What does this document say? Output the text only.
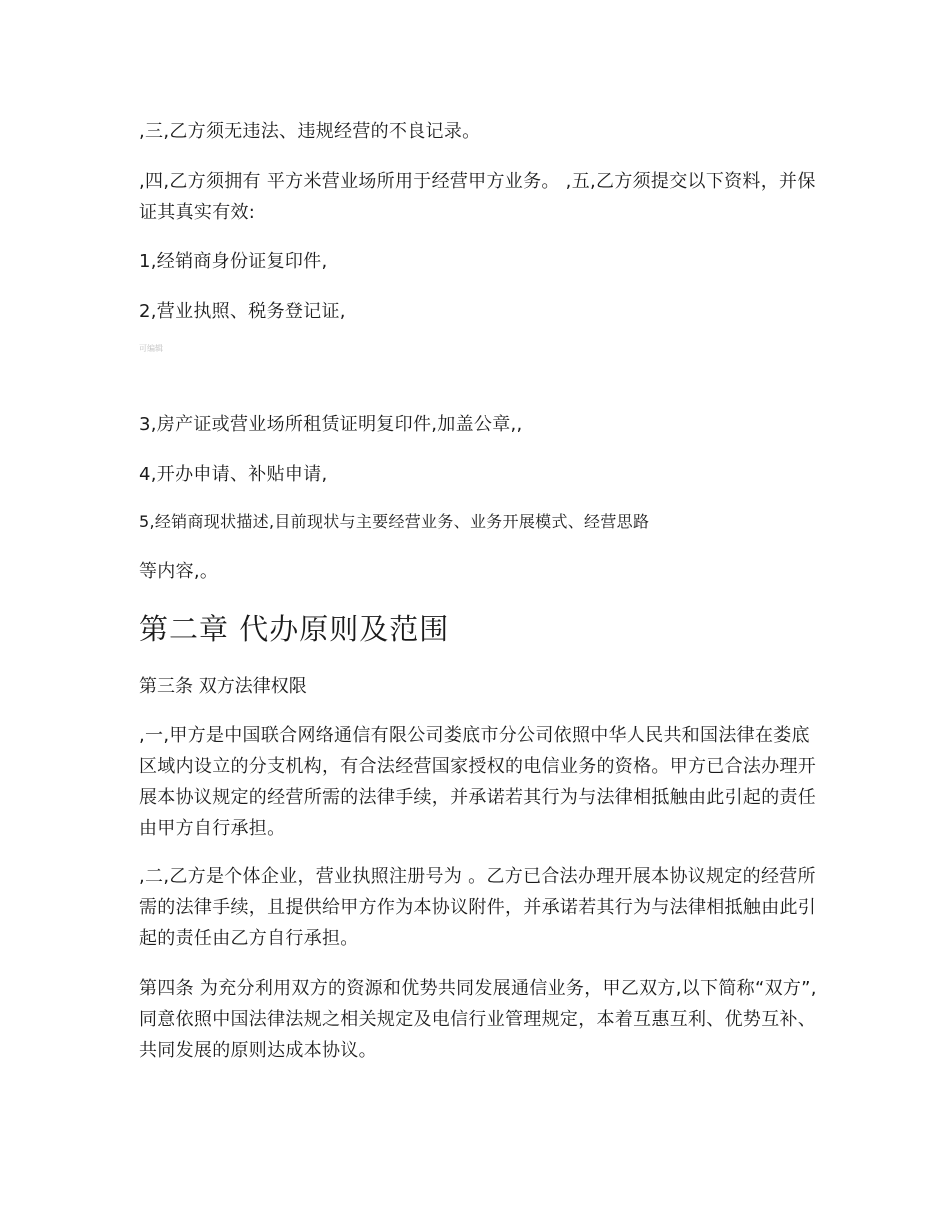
,三,乙方须无违法、违规经营的不良记录。

,四,乙方须拥有 平方米营业场所用于经营甲方业务。 ,五,乙方须提交以下资料，并保证其真实有效:

1,经销商身份证复印件,

2,营业执照、税务登记证,

可编辑

3,房产证或营业场所租赁证明复印件,加盖公章,,

4,开办申请、补贴申请,

5,经销商现状描述,目前现状与主要经营业务、业务开展模式、经营思路

等内容,。

第二章 代办原则及范围

第三条 双方法律权限

,一,甲方是中国联合网络通信有限公司娄底市分公司依照中华人民共和国法律在娄底区域内设立的分支机构，有合法经营国家授权的电信业务的资格。甲方已合法办理开展本协议规定的经营所需的法律手续，并承诺若其行为与法律相抵触由此引起的责任由甲方自行承担。

,二,乙方是个体企业，营业执照注册号为 。乙方已合法办理开展本协议规定的经营所需的法律手续，且提供给甲方作为本协议附件，并承诺若其行为与法律相抵触由此引起的责任由乙方自行承担。

第四条 为充分利用双方的资源和优势共同发展通信业务，甲乙双方,以下简称“双方”,同意依照中国法律法规之相关规定及电信行业管理规定，本着互惠互利、优势互补、共同发展的原则达成本协议。
